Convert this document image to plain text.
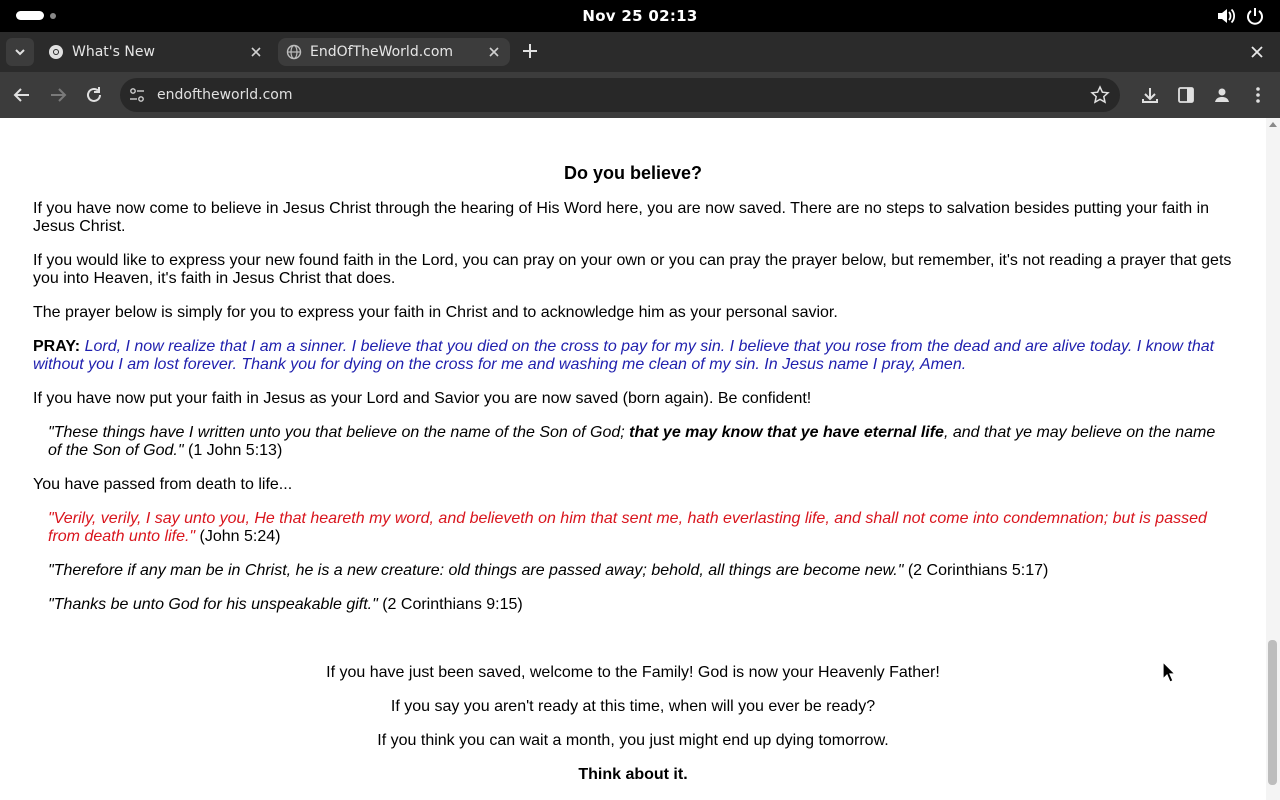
Nov 25 02:13
What's New	EndOfTheWorld.com
endoftheworld.com
Do you believe?

If you have now come to believe in Jesus Christ through the hearing of His Word here, you are now saved. There are no steps to salvation besides putting your faith in Jesus Christ.

If you would like to express your new found faith in the Lord, you can pray on your own or you can pray the prayer below, but remember, it's not reading a prayer that gets you into Heaven, it's faith in Jesus Christ that does.

The prayer below is simply for you to express your faith in Christ and to acknowledge him as your personal savior.

PRAY: Lord, I now realize that I am a sinner. I believe that you died on the cross to pay for my sin. I believe that you rose from the dead and are alive today. I know that without you I am lost forever. Thank you for dying on the cross for me and washing me clean of my sin. In Jesus name I pray, Amen.

If you have now put your faith in Jesus as your Lord and Savior you are now saved (born again). Be confident!

"These things have I written unto you that believe on the name of the Son of God; that ye may know that ye have eternal life, and that ye may believe on the name of the Son of God." (1 John 5:13)

You have passed from death to life...

"Verily, verily, I say unto you, He that heareth my word, and believeth on him that sent me, hath everlasting life, and shall not come into condemnation; but is passed from death unto life." (John 5:24)

"Therefore if any man be in Christ, he is a new creature: old things are passed away; behold, all things are become new." (2 Corinthians 5:17)

"Thanks be unto God for his unspeakable gift." (2 Corinthians 9:15)

If you have just been saved, welcome to the Family! God is now your Heavenly Father!

If you say you aren't ready at this time, when will you ever be ready?

If you think you can wait a month, you just might end up dying tomorrow.

Think about it.
